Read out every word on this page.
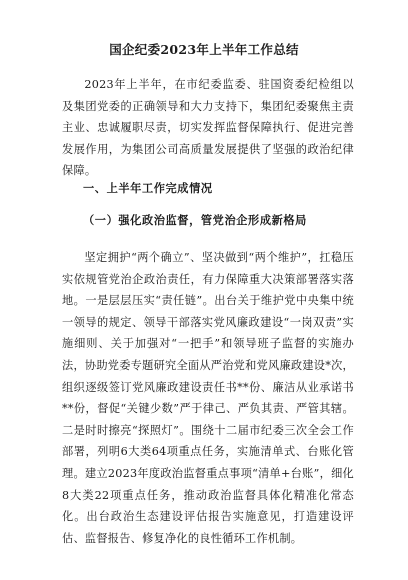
国企纪委2023年上半年工作总结
2023年上半年，在市纪委监委、驻国资委纪检组以及集团党委的正确领导和大力支持下，集团纪委聚焦主责主业、忠诚履职尽责，切实发挥监督保障执行、促进完善发展作用，为集团公司高质量发展提供了坚强的政治纪律保障。
一、上半年工作完成情况
（一）强化政治监督，管党治企形成新格局
坚定拥护“两个确立”、坚决做到“两个维护”，扛稳压实依规管党治企政治责任，有力保障重大决策部署落实落地。一是层层压实“责任链”。出台关于维护党中央集中统一领导的规定、领导干部落实党风廉政建设“一岗双责”实施细则、关于加强对“一把手”和领导班子监督的实施办法，协助党委专题研究全面从严治党和党风廉政建设*次，组织逐级签订党风廉政建设责任书**份、廉洁从业承诺书**份，督促“关键少数”严于律己、严负其责、严管其辖。二是时时擦亮“探照灯”。围绕十二届市纪委三次全会工作部署，列明6大类64项重点任务，实施清单式、台账化管理。建立2023年度政治监督重点事项“清单+台账”，细化8大类22项重点任务，推动政治监督具体化精准化常态化。出台政治生态建设评估报告实施意见，打造建设评估、监督报告、修复净化的良性循环工作机制。
